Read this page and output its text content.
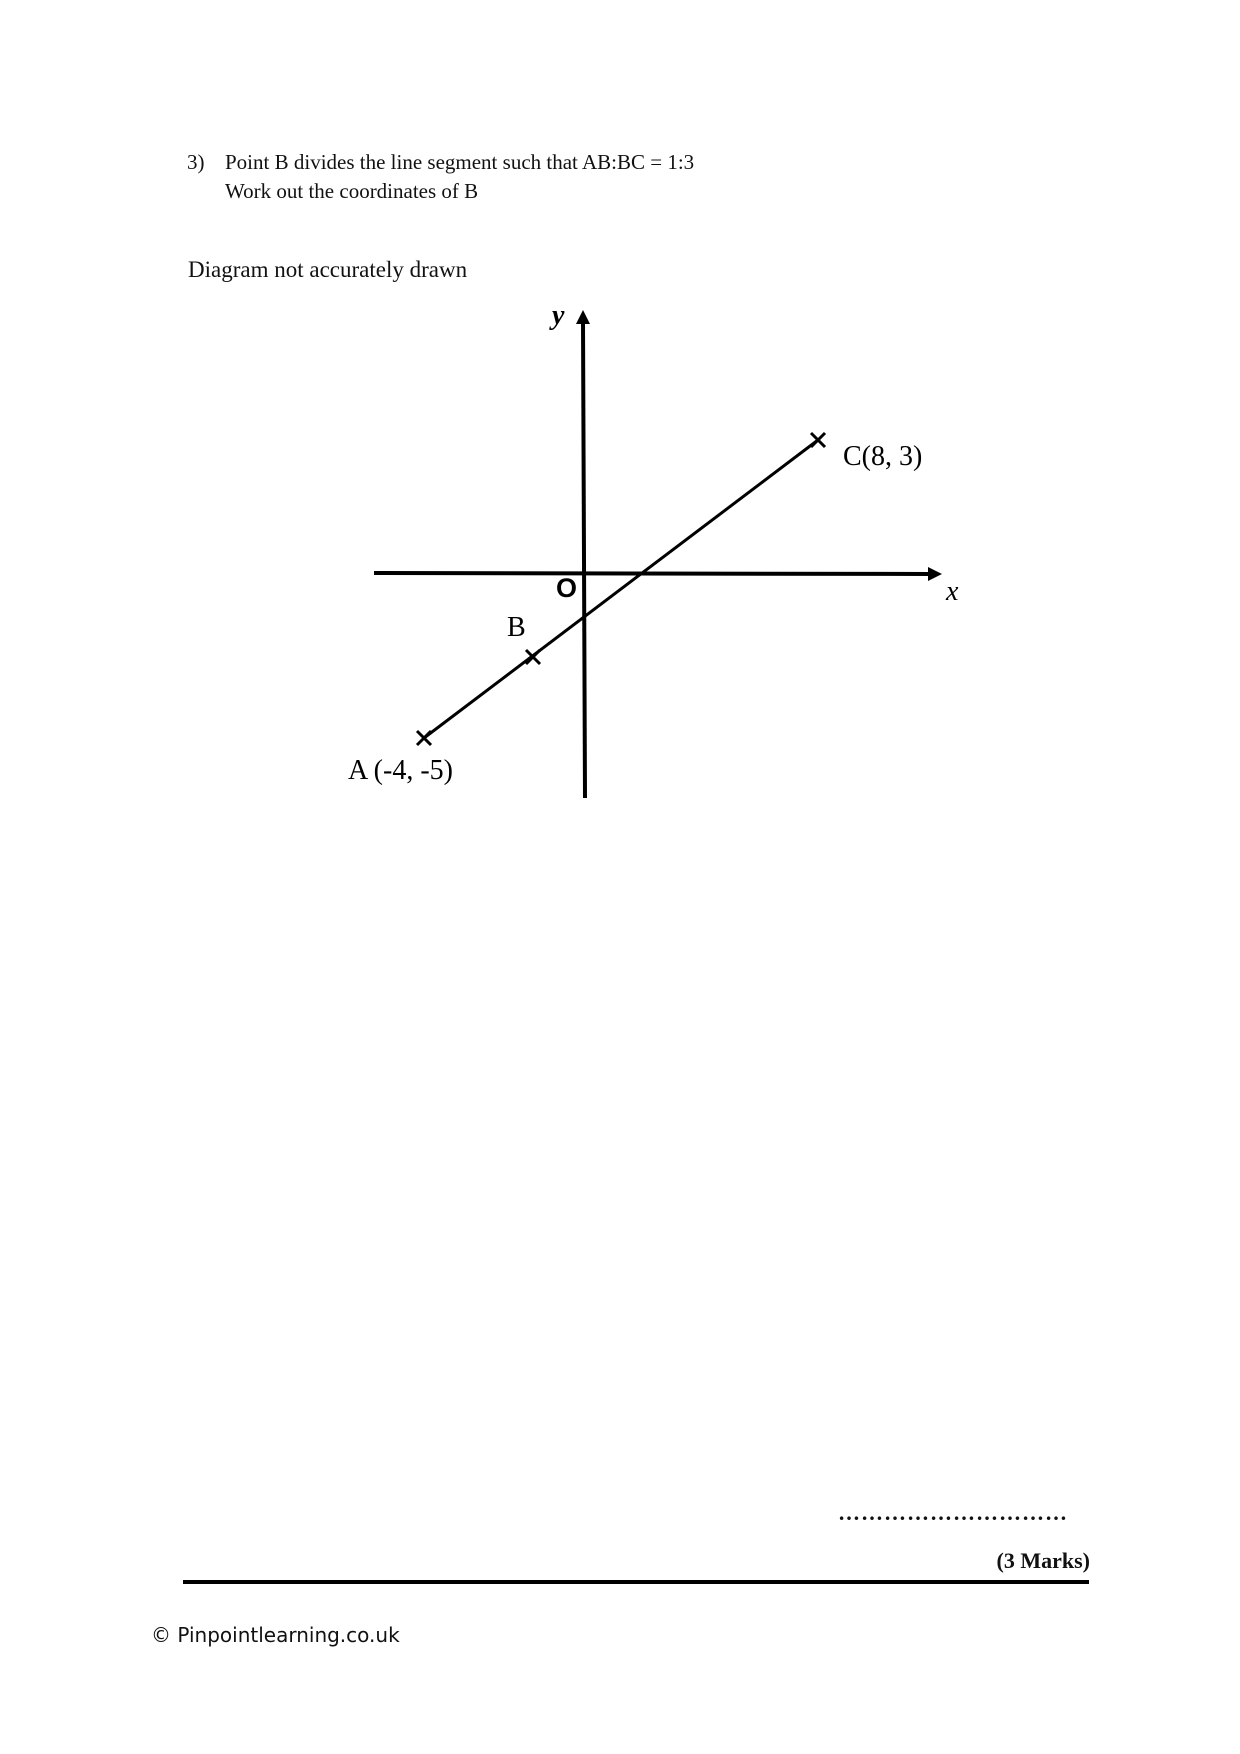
3) Point B divides the line segment such that AB:BC = 1:3
Work out the coordinates of B
Diagram not accurately drawn
y
x
O
B
C(8, 3)
A (-4, -5)
…………………………
(3 Marks)
© Pinpointlearning.co.uk
